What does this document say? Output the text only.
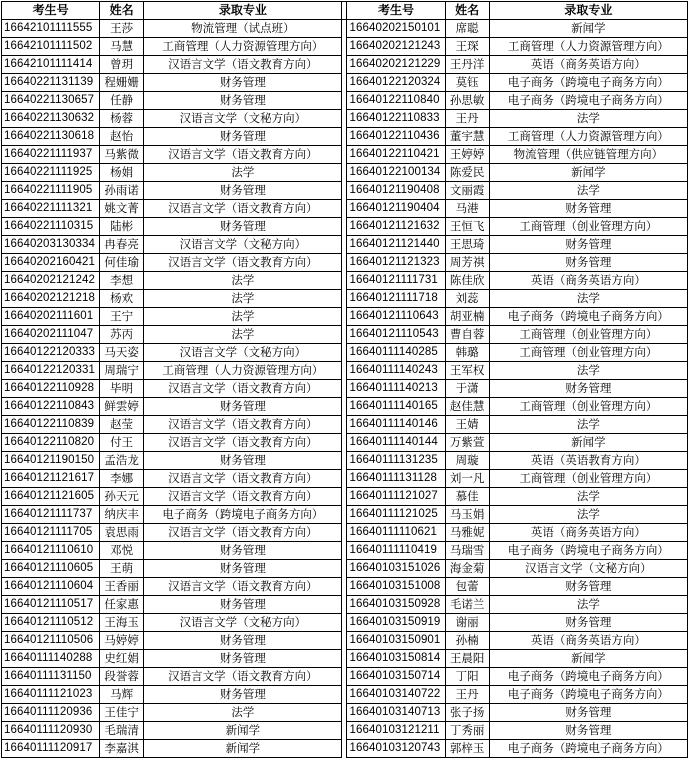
考生号	姓名	录取专业		考生号	姓名	录取专业
16642101111555	王莎	物流管理（试点班）		16640202150101	席聪	新闻学
16642101111502	马慧	工商管理（人力资源管理方向）		16640202121243	王琛	工商管理（人力资源管理方向）
16642101111414	曾玥	汉语言文学（语文教育方向）		16640202121229	王丹洋	英语（商务英语方向）
16640221131139	程姗姗	财务管理		16640122120324	莫钰	电子商务（跨境电子商务方向）
16640221130657	任静	财务管理		16640122110840	孙思敏	电子商务（跨境电子商务方向）
16640221130632	杨蓉	汉语言文学（文秘方向）		16640122110833	王丹	法学
16640221130618	赵怡	财务管理		16640122110436	董宇慧	工商管理（人力资源管理方向）
16640221111937	马紫微	汉语言文学（语文教育方向）		16640122110421	王婷婷	物流管理（供应链管理方向）
16640221111925	杨娟	法学		16640122100134	陈爱民	新闻学
16640221111905	孙雨诺	财务管理		16640121190408	文丽霞	法学
16640221111321	姚文菁	汉语言文学（语文教育方向）		16640121190404	马港	财务管理
16640221110315	陆彬	财务管理		16640121121632	王恒飞	工商管理（创业管理方向）
16640203130334	冉春亮	汉语言文学（文秘方向）		16640121121440	王思琦	财务管理
16640202160421	何佳瑜	汉语言文学（语文教育方向）		16640121121323	周芳祺	财务管理
16640202121242	李想	法学		16640121111731	陈佳欣	英语（商务英语方向）
16640202121218	杨欢	法学		16640121111718	刘蕊	法学
16640202111601	王宁	法学		16640121110643	胡亚楠	电子商务（跨境电子商务方向）
16640202111047	苏丙	法学		16640121110543	曹自蓉	工商管理（创业管理方向）
16640122120333	马天姿	汉语言文学（文秘方向）		16640111140285	韩璐	工商管理（创业管理方向）
16640122120331	周瑞宁	工商管理（人力资源管理方向）		16640111140243	王军权	法学
16640122110928	毕明	汉语言文学（语文教育方向）		16640111140213	于潇	财务管理
16640122110843	鲜雲婷	财务管理		16640111140165	赵佳慧	工商管理（创业管理方向）
16640122110839	赵莹	汉语言文学（语文教育方向）		16640111140146	王婧	法学
16640122110820	付王	汉语言文学（语文教育方向）		16640111140144	万紫萱	新闻学
16640121190150	孟浩龙	财务管理		16640111131235	周璇	英语（英语教育方向）
16640121121617	李娜	汉语言文学（语文教育方向）		16640111131128	刘一凡	工商管理（创业管理方向）
16640121121605	孙天元	汉语言文学（语文教育方向）		16640111121027	慕佳	法学
16640121111737	纳庆丰	电子商务（跨境电子商务方向）		16640111121025	马玉娟	法学
16640121111705	袁思雨	汉语言文学（语文教育方向）		16640111110621	马雅妮	英语（商务英语方向）
16640121110610	邓悦	财务管理		16640111110419	马瑞雪	电子商务（跨境电子商务方向）
16640121110605	王萌	财务管理		16640103151026	海金菊	汉语言文学（文秘方向）
16640121110604	王香丽	汉语言文学（语文教育方向）		16640103151008	包蕾	财务管理
16640121110517	任家惠	财务管理		16640103150928	毛诺兰	法学
16640121110512	王海玉	汉语言文学（文秘方向）		16640103150919	谢丽	财务管理
16640121110506	马婷婷	财务管理		16640103150901	孙楠	英语（商务英语方向）
16640111140288	史红娟	财务管理		16640103150814	王晨阳	新闻学
16640111131150	段誉蓉	汉语言文学（语文教育方向）		16640103150714	丁阳	电子商务（跨境电子商务方向）
16640111121023	马辉	财务管理		16640103140722	王丹	电子商务（跨境电子商务方向）
16640111120936	王佳宁	法学		16640103140713	张子扬	财务管理
16640111120930	毛瑞清	新闻学		16640103121211	丁秀丽	财务管理
16640111120917	李嘉淇	新闻学		16640103120743	郭梓玉	电子商务（跨境电子商务方向）
